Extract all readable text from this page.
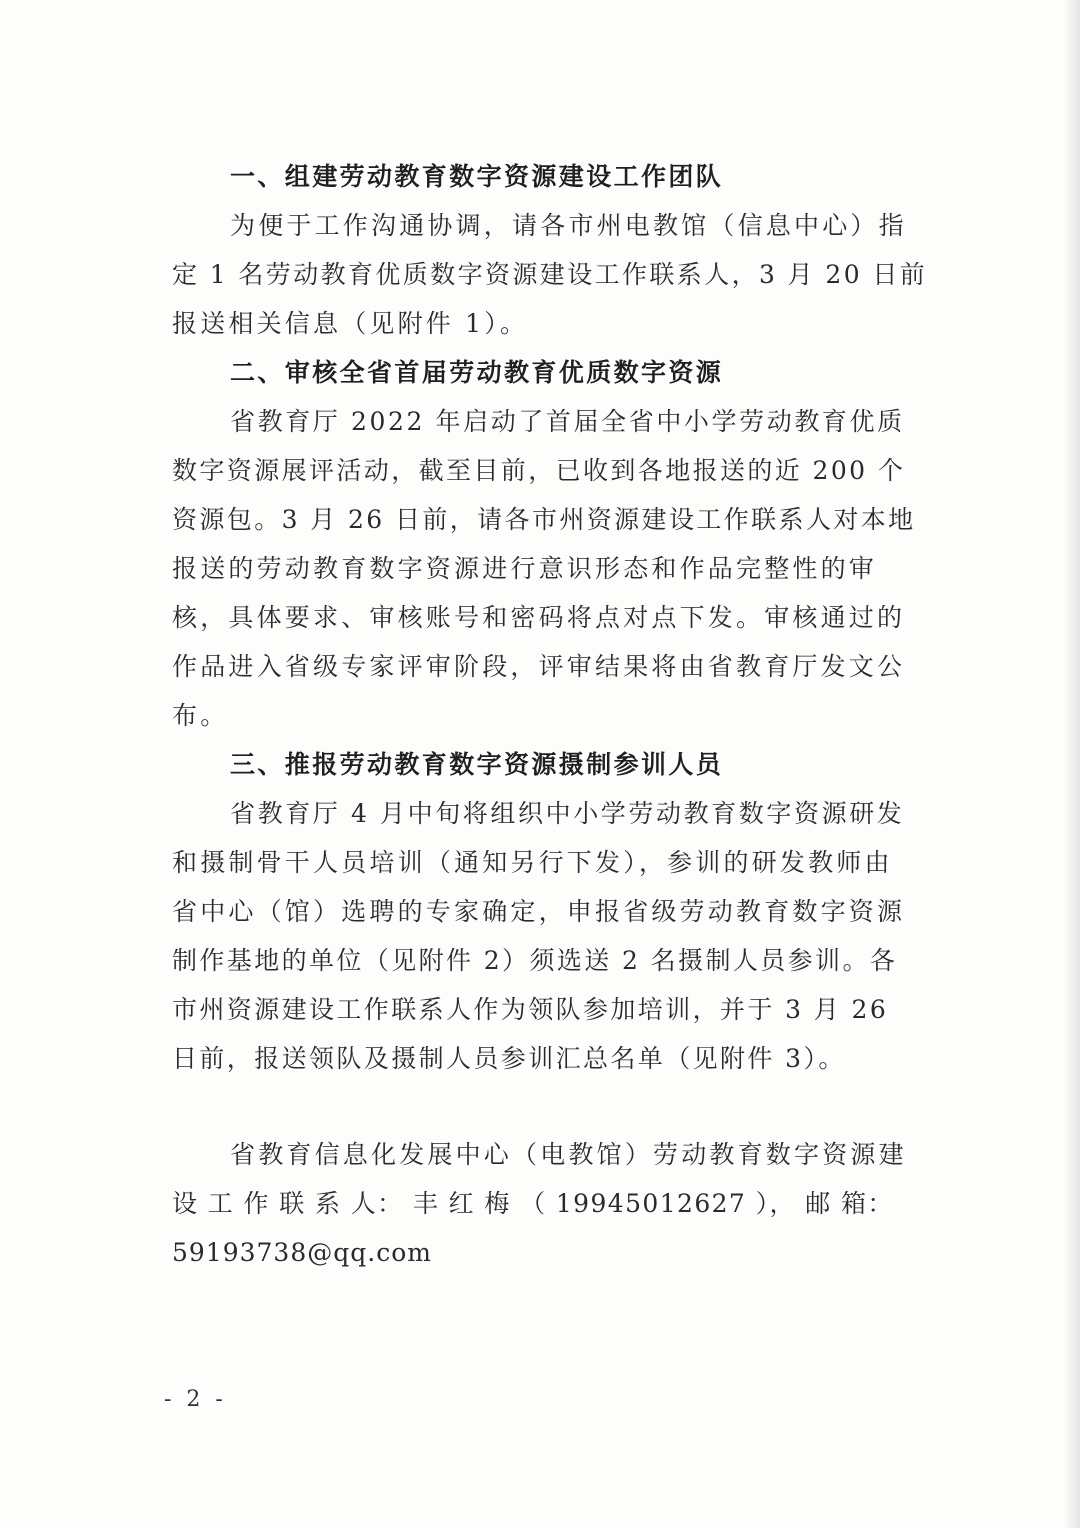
一、组建劳动教育数字资源建设工作团队
为便于工作沟通协调，请各市州电教馆（信息中心）指
定 1 名劳动教育优质数字资源建设工作联系人，3 月 20 日前
报送相关信息（见附件 1）。
二、审核全省首届劳动教育优质数字资源
省教育厅 2022 年启动了首届全省中小学劳动教育优质
数字资源展评活动，截至目前，已收到各地报送的近 200 个
资源包。3 月 26 日前，请各市州资源建设工作联系人对本地
报送的劳动教育数字资源进行意识形态和作品完整性的审
核，具体要求、审核账号和密码将点对点下发。审核通过的
作品进入省级专家评审阶段，评审结果将由省教育厅发文公
布。
三、推报劳动教育数字资源摄制参训人员
省教育厅 4 月中旬将组织中小学劳动教育数字资源研发
和摄制骨干人员培训（通知另行下发），参训的研发教师由
省中心（馆）选聘的专家确定，申报省级劳动教育数字资源
制作基地的单位（见附件 2）须选送 2 名摄制人员参训。各
市州资源建设工作联系人作为领队参加培训，并于 3 月 26
日前，报送领队及摄制人员参训汇总名单（见附件 3）。
省教育信息化发展中心（电教馆）劳动教育数字资源建
设 工 作 联 系 人： 丰 红 梅 （ 19945012627 ）， 邮 箱：
59193738@qq.com
- 2 -
